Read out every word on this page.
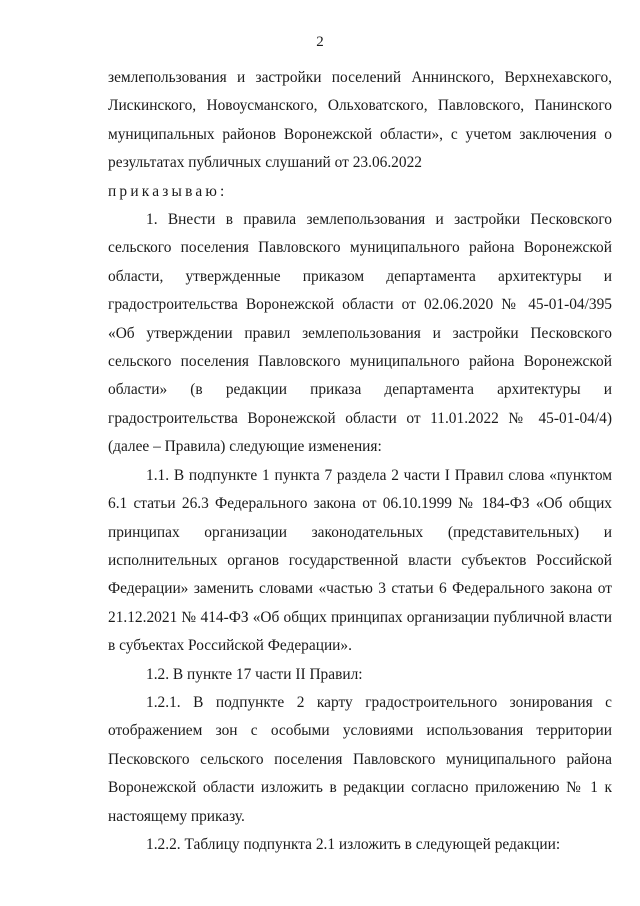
2

землепользования и застройки поселений Аннинского, Верхнехавского, Лискинского, Новоусманского, Ольховатского, Павловского, Панинского муниципальных районов Воронежской области», с учетом заключения о результатах публичных слушаний от 23.06.2022

приказываю:

1. Внести в правила землепользования и застройки Песковского сельского поселения Павловского муниципального района Воронежской области, утвержденные приказом департамента архитектуры и градостроительства Воронежской области от 02.06.2020 № 45-01-04/395 «Об утверждении правил землепользования и застройки Песковского сельского поселения Павловского муниципального района Воронежской области» (в редакции приказа департамента архитектуры и градостроительства Воронежской области от 11.01.2022 № 45-01-04/4) (далее – Правила) следующие изменения:

1.1. В подпункте 1 пункта 7 раздела 2 части I Правил слова «пунктом 6.1 статьи 26.3 Федерального закона от 06.10.1999 № 184-ФЗ «Об общих принципах организации законодательных (представительных) и исполнительных органов государственной власти субъектов Российской Федерации» заменить словами «частью 3 статьи 6 Федерального закона от 21.12.2021 № 414-ФЗ «Об общих принципах организации публичной власти в субъектах Российской Федерации».

1.2. В пункте 17 части II Правил:

1.2.1. В подпункте 2 карту градостроительного зонирования с отображением зон с особыми условиями использования территории Песковского сельского поселения Павловского муниципального района Воронежской области изложить в редакции согласно приложению № 1 к настоящему приказу.

1.2.2. Таблицу подпункта 2.1 изложить в следующей редакции:
